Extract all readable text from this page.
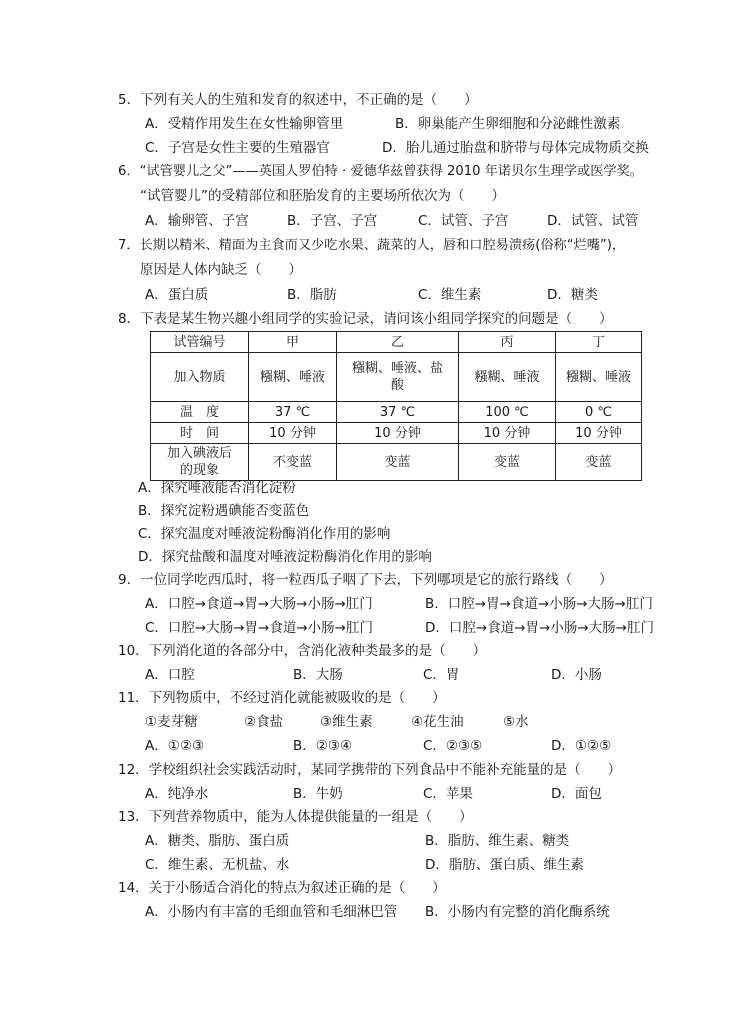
5．下列有关人的生殖和发育的叙述中，不正确的是（　　）
A．受精作用发生在女性输卵管里	B．卵巢能产生卵细胞和分泌雌性激素
C．子宫是女性主要的生殖器官	D．胎儿通过胎盘和脐带与母体完成物质交换
6．“试管婴儿之父”——英国人罗伯特 · 爱德华兹曾获得 2010 年诺贝尔生理学或医学奖。
“试管婴儿”的受精部位和胚胎发育的主要场所依次为（　　）
A．输卵管、子宫	B．子宫、子宫	C．试管、子宫	D．试管、试管
7．长期以精米、精面为主食而又少吃水果、蔬菜的人，唇和口腔易溃疡(俗称“烂嘴”)，
原因是人体内缺乏（　　）
A．蛋白质	B．脂肪	C．维生素	D．糖类
8．下表是某生物兴趣小组同学的实验记录，请问该小组同学探究的问题是（　　）
试管编号	甲	乙	丙	丁
加入物质	糨糊、唾液	糨糊、唾液、盐酸	糨糊、唾液	糨糊、唾液
温　度	37 ℃	37 ℃	100 ℃	0 ℃
时　间	10 分钟	10 分钟	10 分钟	10 分钟
加入碘液后的现象	不变蓝	变蓝	变蓝	变蓝
A．探究唾液能否消化淀粉
B．探究淀粉遇碘能否变蓝色
C．探究温度对唾液淀粉酶消化作用的影响
D．探究盐酸和温度对唾液淀粉酶消化作用的影响
9．一位同学吃西瓜时，将一粒西瓜子咽了下去，下列哪项是它的旅行路线（　　）
A．口腔→食道→胃→大肠→小肠→肛门	B．口腔→胃→食道→小肠→大肠→肛门
C．口腔→大肠→胃→食道→小肠→肛门	D．口腔→食道→胃→小肠→大肠→肛门
10．下列消化道的各部分中，含消化液种类最多的是（　　）
A．口腔	B．大肠	C．胃	D．小肠
11．下列物质中，不经过消化就能被吸收的是（　　）
①麦芽糖	②食盐	③维生素	④花生油	⑤水
A．①②③	B．②③④	C．②③⑤	D．①②⑤
12．学校组织社会实践活动时，某同学携带的下列食品中不能补充能量的是（　　）
A．纯净水	B．牛奶	C．苹果	D．面包
13．下列营养物质中，能为人体提供能量的一组是（　　）
A．糖类、脂肪、蛋白质	B．脂肪、维生素、糖类
C．维生素、无机盐、水	D．脂肪、蛋白质、维生素
14．关于小肠适合消化的特点为叙述正确的是（　　）
A．小肠内有丰富的毛细血管和毛细淋巴管 B．小肠内有完整的消化酶系统
